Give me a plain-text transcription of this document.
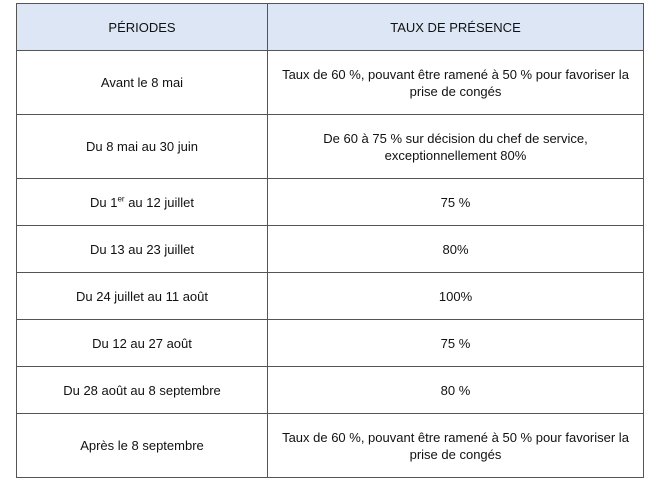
PÉRIODES	TAUX DE PRÉSENCE
Avant le 8 mai	Taux de 60 %, pouvant être ramené à 50 % pour favoriser la prise de congés
Du 8 mai au 30 juin	De 60 à 75 % sur décision du chef de service, exceptionnellement 80%
Du 1er au 12 juillet	75 %
Du 13 au 23 juillet	80%
Du 24 juillet au 11 août	100%
Du 12 au 27 août	75 %
Du 28 août au 8 septembre	80 %
Après le 8 septembre	Taux de 60 %, pouvant être ramené à 50 % pour favoriser la prise de congés
